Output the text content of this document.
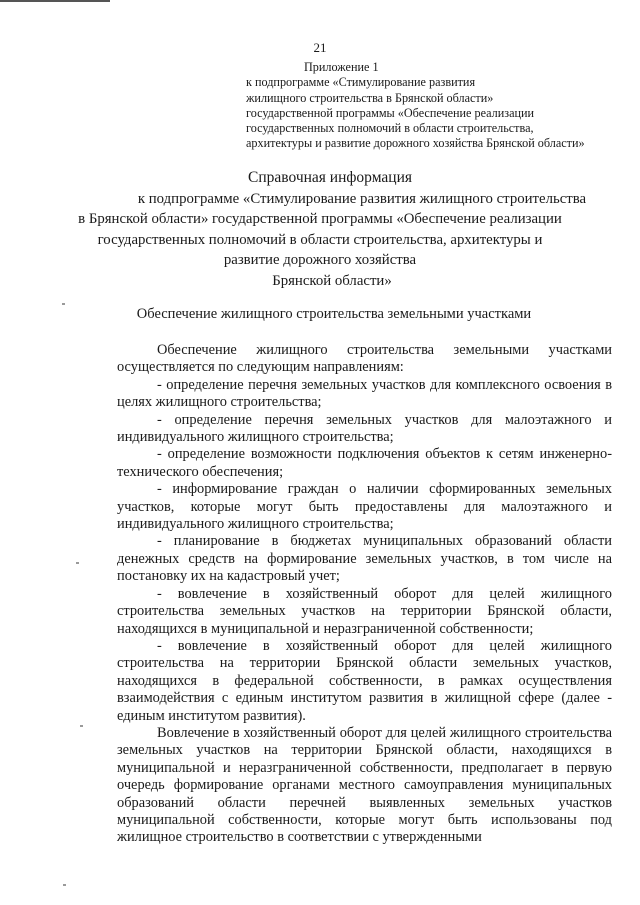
21
Приложение 1
к подпрограмме «Стимулирование развития
жилищного строительства в Брянской области»
государственной программы «Обеспечение реализации
государственных полномочий в области строительства,
архитектуры и развитие дорожного хозяйства Брянской области»
Справочная информация
к подпрограмме «Стимулирование развития жилищного строительства
в Брянской области» государственной программы «Обеспечение реализации
государственных полномочий в области строительства, архитектуры и
развитие дорожного хозяйства
Брянской области»
Обеспечение жилищного строительства земельными участками

Обеспечение жилищного строительства земельными участками осуществляется по следующим направлениям:

- определение перечня земельных участков для комплексного освоения в целях жилищного строительства;

- определение перечня земельных участков для малоэтажного и индивидуального жилищного строительства;

- определение возможности подключения объектов к сетям инженерно-технического обеспечения;

- информирование граждан о наличии сформированных земельных участков, которые могут быть предоставлены для малоэтажного и индивидуального жилищного строительства;

- планирование в бюджетах муниципальных образований области денежных средств на формирование земельных участков, в том числе на постановку их на кадастровый учет;

- вовлечение в хозяйственный оборот для целей жилищного строительства земельных участков на территории Брянской области, находящихся в муниципальной и неразграниченной собственности;

- вовлечение в хозяйственный оборот для целей жилищного строительства на территории Брянской области земельных участков, находящихся в федеральной собственности, в рамках осуществления взаимодействия с единым институтом развития в жилищной сфере (далее - единым институтом развития).

Вовлечение в хозяйственный оборот для целей жилищного строительства земельных участков на территории Брянской области, находящихся в муниципальной и неразграниченной собственности, предполагает в первую очередь формирование органами местного самоуправления муниципальных образований области перечней выявленных земельных участков муниципальной собственности, которые могут быть использованы под жилищное строительство в соответствии с утвержденными
